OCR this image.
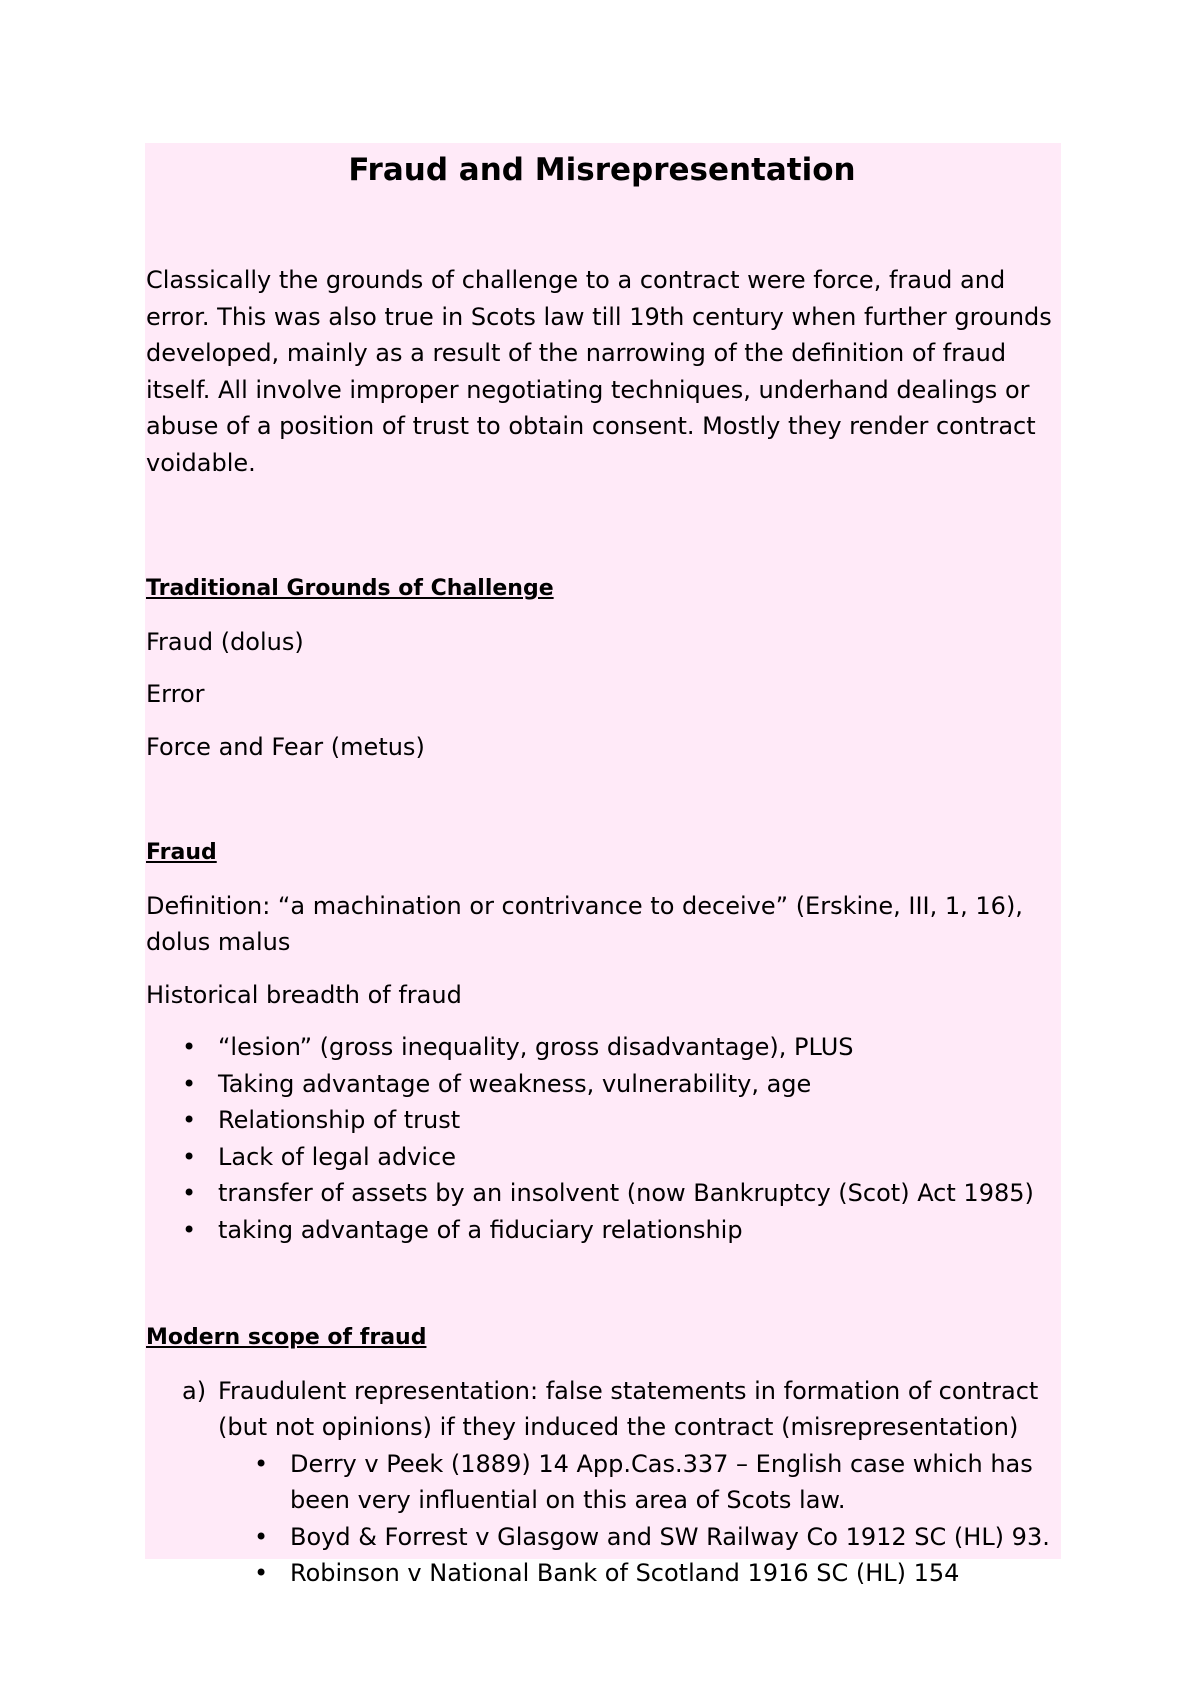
Fraud and Misrepresentation

Classically the grounds of challenge to a contract were force, fraud and error. This was also true in Scots law till 19th century when further grounds developed, mainly as a result of the narrowing of the definition of fraud itself. All involve improper negotiating techniques, underhand dealings or abuse of a position of trust to obtain consent. Mostly they render contract voidable.

Traditional Grounds of Challenge

Fraud (dolus)

Error

Force and Fear (metus)

Fraud

Definition: “a machination or contrivance to deceive” (Erskine, III, 1, 16), dolus malus

Historical breadth of fraud

• “lesion” (gross inequality, gross disadvantage), PLUS
• Taking advantage of weakness, vulnerability, age
• Relationship of trust
• Lack of legal advice
• transfer of assets by an insolvent (now Bankruptcy (Scot) Act 1985)
• taking advantage of a fiduciary relationship

Modern scope of fraud

a) Fraudulent representation: false statements in formation of contract (but not opinions) if they induced the contract (misrepresentation)
• Derry v Peek (1889) 14 App.Cas.337 – English case which has been very influential on this area of Scots law.
• Boyd & Forrest v Glasgow and SW Railway Co 1912 SC (HL) 93.
• Robinson v National Bank of Scotland 1916 SC (HL) 154
